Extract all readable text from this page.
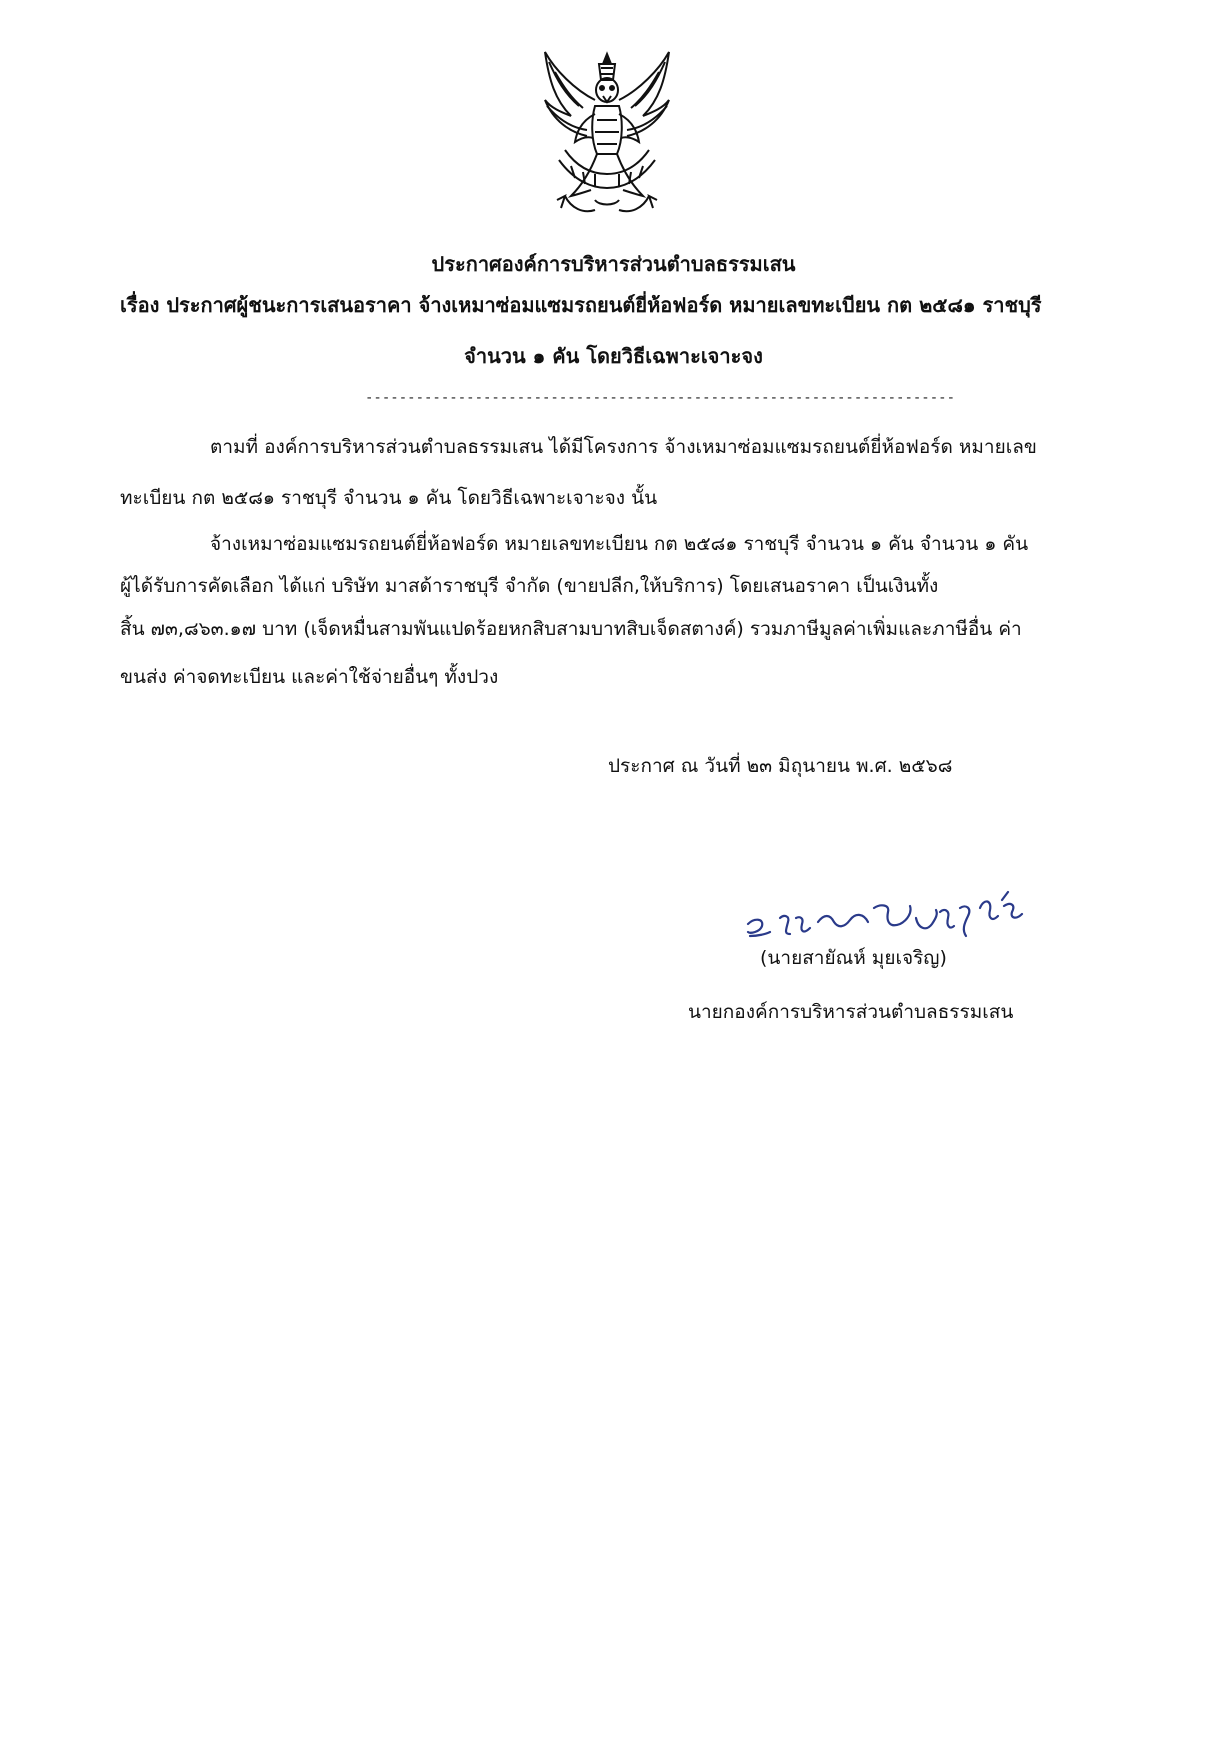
ประกาศองค์การบริหารส่วนตำบลธรรมเสน
เรื่อง ประกาศผู้ชนะการเสนอราคา จ้างเหมาซ่อมแซมรถยนต์ยี่ห้อฟอร์ด หมายเลขทะเบียน กต ๒๕๘๑ ราชบุรี
จำนวน ๑ คัน โดยวิธีเฉพาะเจาะจง
----------------------------------------------------------------------
ตามที่ องค์การบริหารส่วนตำบลธรรมเสน ได้มีโครงการ จ้างเหมาซ่อมแซมรถยนต์ยี่ห้อฟอร์ด หมายเลข
ทะเบียน กต ๒๕๘๑ ราชบุรี จำนวน ๑ คัน โดยวิธีเฉพาะเจาะจง นั้น
จ้างเหมาซ่อมแซมรถยนต์ยี่ห้อฟอร์ด หมายเลขทะเบียน กต ๒๕๘๑ ราชบุรี จำนวน ๑ คัน จำนวน ๑ คัน
ผู้ได้รับการคัดเลือก ได้แก่ บริษัท มาสด้าราชบุรี จำกัด (ขายปลีก,ให้บริการ) โดยเสนอราคา เป็นเงินทั้ง
สิ้น ๗๓,๘๖๓.๑๗ บาท (เจ็ดหมื่นสามพันแปดร้อยหกสิบสามบาทสิบเจ็ดสตางค์) รวมภาษีมูลค่าเพิ่มและภาษีอื่น ค่า
ขนส่ง ค่าจดทะเบียน และค่าใช้จ่ายอื่นๆ ทั้งปวง
ประกาศ ณ วันที่ ๒๓ มิถุนายน พ.ศ. ๒๕๖๘
(นายสายัณห์ มุยเจริญ)
นายกองค์การบริหารส่วนตำบลธรรมเสน
